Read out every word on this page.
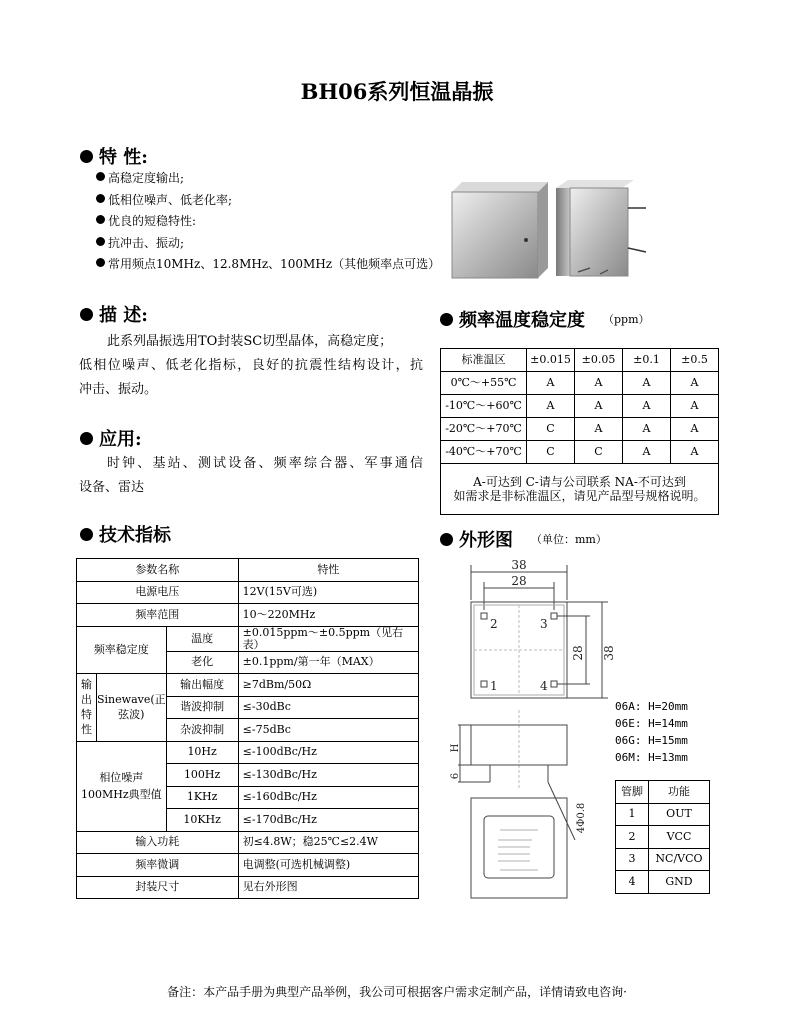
BH06系列恒温晶振
特 性:
高稳定度输出;
低相位噪声、低老化率;
优良的短稳特性:
抗冲击、振动;
常用频点10MHz、12.8MHz、100MHz（其他频率点可选）
描 述:

此系列晶振选用TO封装SC切型晶体，高稳定度；

低相位噪声、低老化指标，良好的抗震性结构设计，抗

冲击、振动。

应用:

时钟、基站、测试设备、频率综合器、军事通信

设备、雷达

技术指标
参数名称			特性
电源电压			12V(15V可选)
频率范围			10～220MHz
频率稳定度		温度	±0.015ppm～±0.5ppm（见右表）
		老化	±0.1ppm/第一年（MAX）
输出特性	Sinewave(正弦波)	输出幅度	≥7dBm/50Ω
		谐波抑制	≤-30dBc
		杂波抑制	≤-75dBc
相位噪声100MHz典型值		10Hz	≤-100dBc/Hz
		100Hz	≤-130dBc/Hz
		1KHz	≤-160dBc/Hz
		10KHz	≤-170dBc/Hz
输入功耗			初≤4.8W；稳25℃≤2.4W
频率微调			电调整(可选机械调整)
封装尺寸			见右外形图
频率温度稳定度 （ppm）
标准温区	±0.015	±0.05	±0.1	±0.5
0℃～+55℃	A	A	A	A
-10℃～+60℃	A	A	A	A
-20℃～+70℃	C	A	A	A
-40℃～+70℃	C	C	A	A

A-可达到 C-请与公司联系 NA-不可达到
如需求是非标准温区，请见产品型号规格说明。				
外形图 （单位：mm）
38
28
2	3
1	4
28 38
H
6
4Φ0.8
06A: H=20mm
06E: H=14mm
06G: H=15mm
06M: H=13mm
管脚	功能
1	OUT
2	VCC
3	NC/VCO
4	GND
备注：本产品手册为典型产品举例，我公司可根据客户需求定制产品，详情请致电咨询·
